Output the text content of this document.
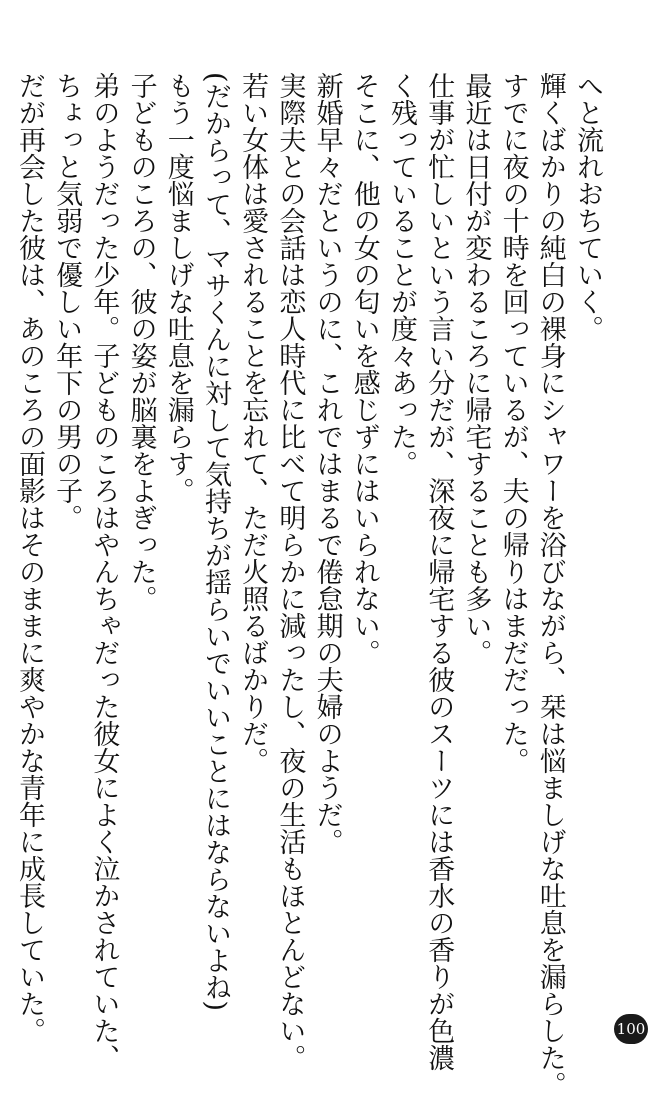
へと流れおちていく。
輝くばかりの純白の裸身にシャワーを浴びながら、栞は悩ましげな吐息を漏らした。
すでに夜の十時を回っているが、夫の帰りはまだだった。
最近は日付が変わるころに帰宅することも多い。
仕事が忙しいという言い分だが、深夜に帰宅する彼のスーツには香水の香りが色濃
く残っていることが度々あった。
そこに、他の女の匂いを感じずにはいられない。
新婚早々だというのに、これではまるで倦怠期の夫婦のようだ。
実際夫との会話は恋人時代に比べて明らかに減ったし、夜の生活もほとんどない。
若い女体は愛されることを忘れて、ただ火照るばかりだ。
(だからって、マサくんに対して気持ちが揺らいでいいことにはならないよね)
もう一度悩ましげな吐息を漏らす。
子どものころの、彼の姿が脳裏をよぎった。
弟のようだった少年。子どものころはやんちゃだった彼女によく泣かされていた、
ちょっと気弱で優しい年下の男の子。
だが再会した彼は、あのころの面影はそのままに爽やかな青年に成長していた。	100
